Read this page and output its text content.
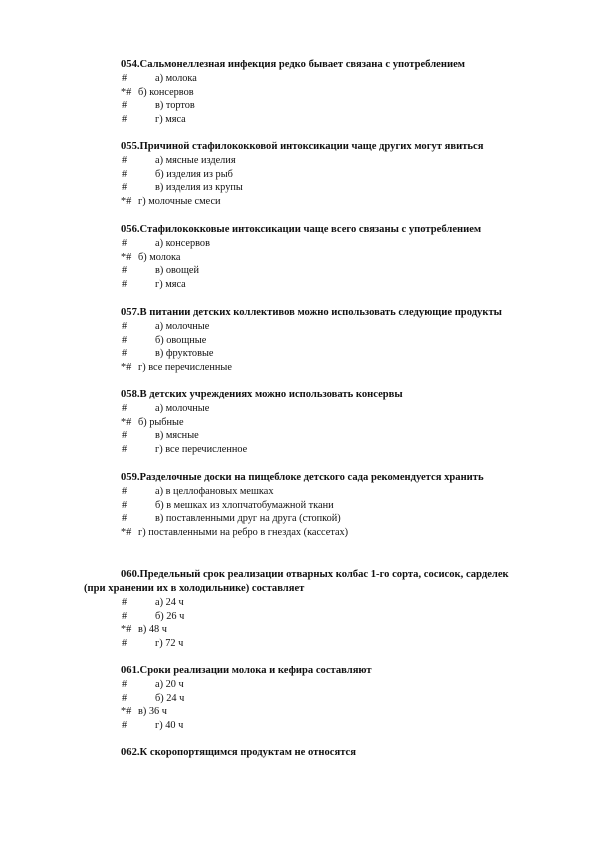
054.Сальмонеллезная инфекция редко бывает связана с употреблением
#	а) молока
*# б) консервов
#	в) тортов
#	г) мяса
055.Причиной стафилококковой интоксикации чаще других могут явиться
#	а) мясные изделия
#	б) изделия из рыб
#	в) изделия из крупы
*# г) молочные смеси
056.Стафилококковые интоксикации чаще всего связаны с употреблением
#	а) консервов
*# б) молока
#	в) овощей
#	г) мяса
057.В питании детских коллективов можно использовать следующие продукты
#	а) молочные
#	б) овощные
#	в) фруктовые
*# г) все перечисленные
058.В детских учреждениях можно использовать консервы
#	а) молочные
*# б) рыбные
#	в) мясные
#	г) все перечисленное
059.Разделочные доски на пищеблоке детского сада рекомендуется хранить
#	а) в целлофановых мешках
#	б) в мешках из хлопчатобумажной ткани
#	в) поставленными друг на друга (стопкой)
*# г) поставленными на ребро в гнездах (кассетах)
060.Предельный срок реализации отварных колбас 1-го сорта, сосисок, сарделек
(при хранении их в холодильнике) составляет
#	а) 24 ч
#	б) 26 ч
*# в) 48 ч
#	г) 72 ч
061.Сроки реализации молока и кефира составляют
#	а) 20 ч
#	б) 24 ч
*# в) 36 ч
#	г) 40 ч
062.К скоропортящимся продуктам не относятся
